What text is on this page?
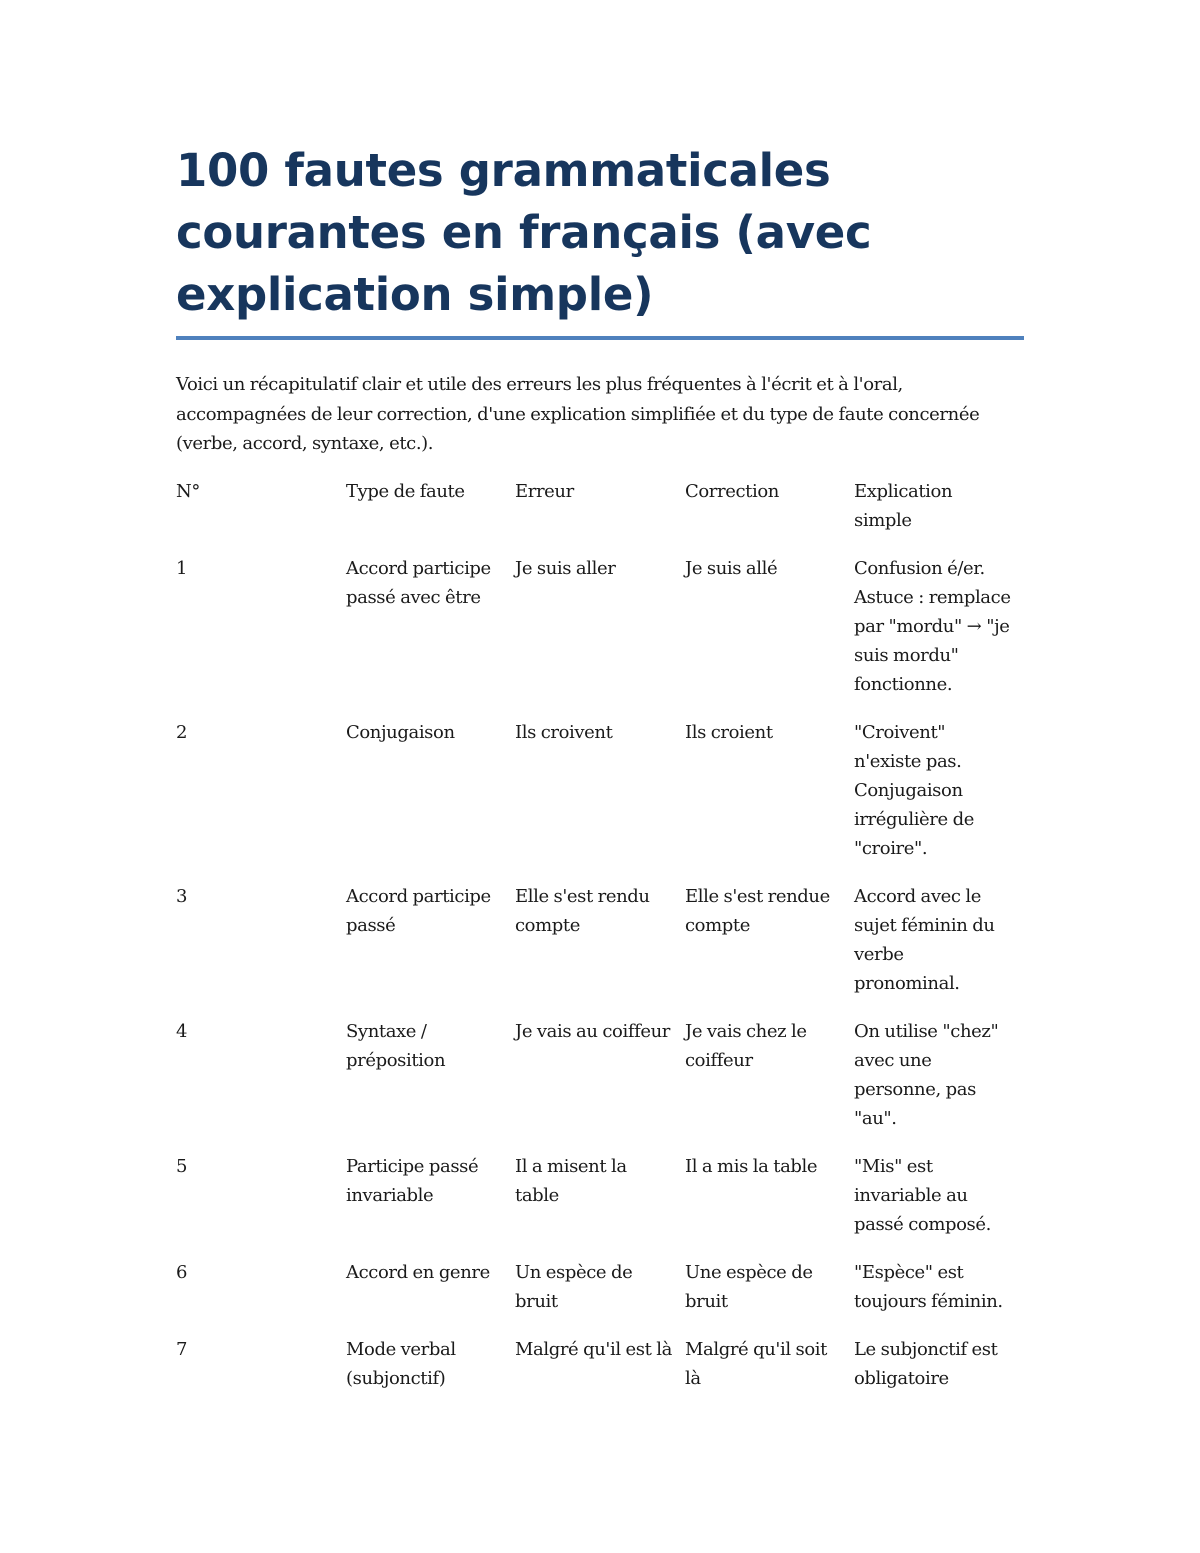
100 fautes grammaticales courantes en français (avec explication simple)

Voici un récapitulatif clair et utile des erreurs les plus fréquentes à l'écrit et à l'oral, accompagnées de leur correction, d'une explication simplifiée et du type de faute concernée (verbe, accord, syntaxe, etc.).

N°	Type de faute	Erreur	Correction	Explication simple

1	Accord participe passé avec être	Je suis aller	Je suis allé	Confusion é/er. Astuce : remplace par "mordu" → "je suis mordu" fonctionne.

2	Conjugaison	Ils croivent	Ils croient	"Croivent" n'existe pas. Conjugaison irrégulière de "croire".

3	Accord participe passé	Elle s'est rendu compte	Elle s'est rendue compte	Accord avec le sujet féminin du verbe pronominal.

4	Syntaxe / préposition	Je vais au coiffeur	Je vais chez le coiffeur	On utilise "chez" avec une personne, pas "au".

5	Participe passé invariable	Il a misent la table	Il a mis la table	"Mis" est invariable au passé composé.

6	Accord en genre	Un espèce de bruit	Une espèce de bruit	"Espèce" est toujours féminin.

7	Mode verbal (subjonctif)	Malgré qu'il est là	Malgré qu'il soit là	Le subjonctif est obligatoire
